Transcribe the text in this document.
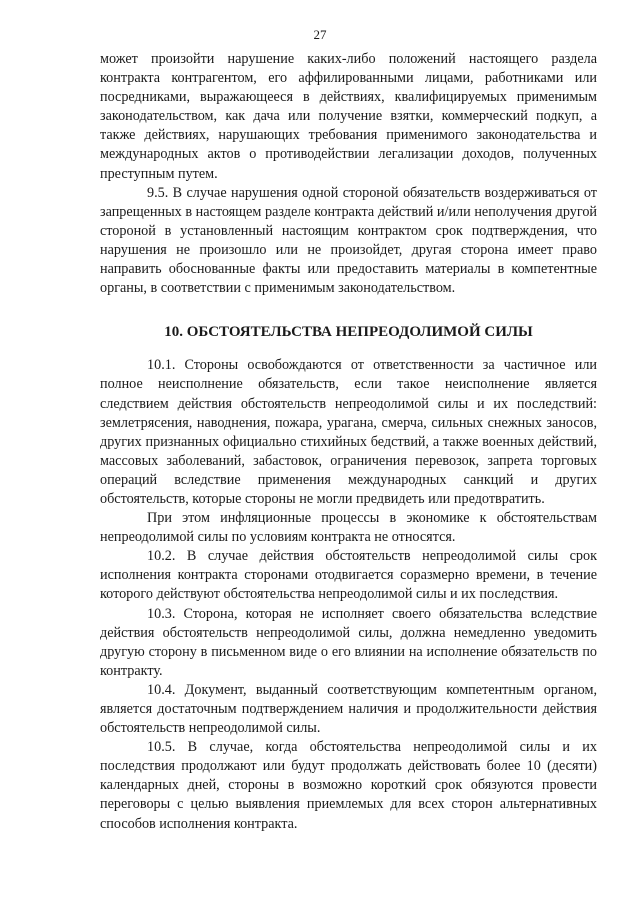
27

может произойти нарушение каких-либо положений настоящего раздела контракта контрагентом, его аффилированными лицами, работниками или посредниками, выражающееся в действиях, квалифицируемых применимым законодательством, как дача или получение взятки, коммерческий подкуп, а также действиях, нарушающих требования применимого законодательства и международных актов о противодействии легализации доходов, полученных преступным путем.

9.5. В случае нарушения одной стороной обязательств воздерживаться от запрещенных в настоящем разделе контракта действий и/или неполучения другой стороной в установленный настоящим контрактом срок подтверждения, что нарушения не произошло или не произойдет, другая сторона имеет право направить обоснованные факты или предоставить материалы в компетентные органы, в соответствии с применимым законодательством.

10. ОБСТОЯТЕЛЬСТВА НЕПРЕОДОЛИМОЙ СИЛЫ

10.1. Стороны освобождаются от ответственности за частичное или полное неисполнение обязательств, если такое неисполнение является следствием действия обстоятельств непреодолимой силы и их последствий: землетрясения, наводнения, пожара, урагана, смерча, сильных снежных заносов, других признанных официально стихийных бедствий, а также военных действий, массовых заболеваний, забастовок, ограничения перевозок, запрета торговых операций вследствие применения международных санкций и других обстоятельств, которые стороны не могли предвидеть или предотвратить.

При этом инфляционные процессы в экономике к обстоятельствам непреодолимой силы по условиям контракта не относятся.

10.2. В случае действия обстоятельств непреодолимой силы срок исполнения контракта сторонами отодвигается соразмерно времени, в течение которого действуют обстоятельства непреодолимой силы и их последствия.

10.3. Сторона, которая не исполняет своего обязательства вследствие действия обстоятельств непреодолимой силы, должна немедленно уведомить другую сторону в письменном виде о его влиянии на исполнение обязательств по контракту.

10.4. Документ, выданный соответствующим компетентным органом, является достаточным подтверждением наличия и продолжительности действия обстоятельств непреодолимой силы.

10.5. В случае, когда обстоятельства непреодолимой силы и их последствия продолжают или будут продолжать действовать более 10 (десяти) календарных дней, стороны в возможно короткий срок обязуются провести переговоры с целью выявления приемлемых для всех сторон альтернативных способов исполнения контракта.
